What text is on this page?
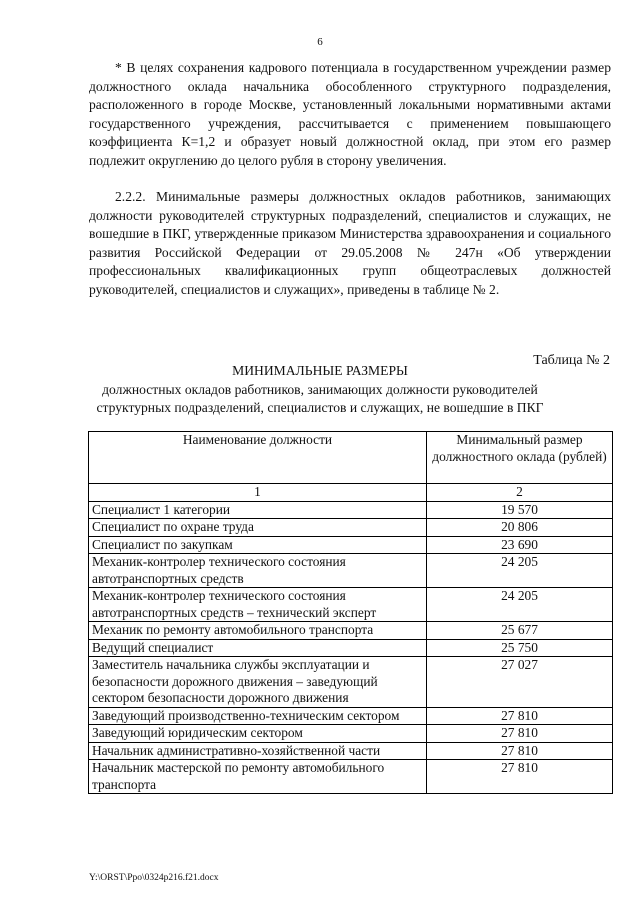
6

* В целях сохранения кадрового потенциала в государственном учреждении размер должностного оклада начальника обособленного структурного подразделения, расположенного в городе Москве, установленный локальными нормативными актами государственного учреждения, рассчитывается с применением повышающего коэффициента К=1,2 и образует новый должностной оклад, при этом его размер подлежит округлению до целого рубля в сторону увеличения.

2.2.2. Минимальные размеры должностных окладов работников, занимающих должности руководителей структурных подразделений, специалистов и служащих, не вошедшие в ПКГ, утвержденные приказом Министерства здравоохранения и социального развития Российской Федерации от 29.05.2008 № 247н «Об утверждении профессиональных квалификационных групп общеотраслевых должностей руководителей, специалистов и служащих», приведены в таблице № 2.

Таблица № 2
МИНИМАЛЬНЫЕ РАЗМЕРЫ
должностных окладов работников, занимающих должности руководителей структурных подразделений, специалистов и служащих, не вошедшие в ПКГ
Наименование должности	Минимальный размер должностного оклада (рублей)
1	2
Специалист 1 категории	19 570
Специалист по охране труда	20 806
Специалист по закупкам	23 690
Механик-контролер технического состояния автотранспортных средств	24 205
Механик-контролер технического состояния автотранспортных средств – технический эксперт	24 205
Механик по ремонту автомобильного транспорта	25 677
Ведущий специалист	25 750
Заместитель начальника службы эксплуатации и безопасности дорожного движения – заведующий сектором безопасности дорожного движения	27 027
Заведующий производственно-техническим сектором	27 810
Заведующий юридическим сектором	27 810
Начальник административно-хозяйственной части	27 810
Начальник мастерской по ремонту автомобильного транспорта	27 810
Y:\ORST\Ppo\0324p216.f21.docx
